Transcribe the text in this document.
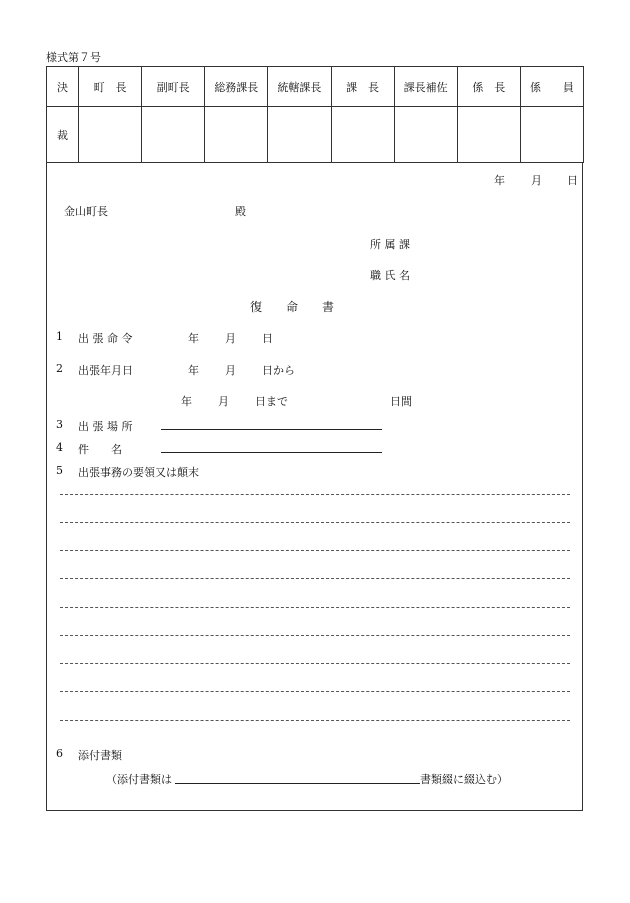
様式第７号
決	町　長	副町長	総務課長	統轄課長	課　長	課長補佐	係　長	係　　員
裁								
年 月 日
金山町長	殿
所 属 課
職 氏 名
復　　命　　書
1 出 張 命 令	年 月 日
2 出張年月日	年 月 日から
年 月 日まで	日間
3 出 張 場 所
4 件　　名
5 出張事務の要領又は顛末
6 添付書類
（添付書類は	書類綴に綴込む）
